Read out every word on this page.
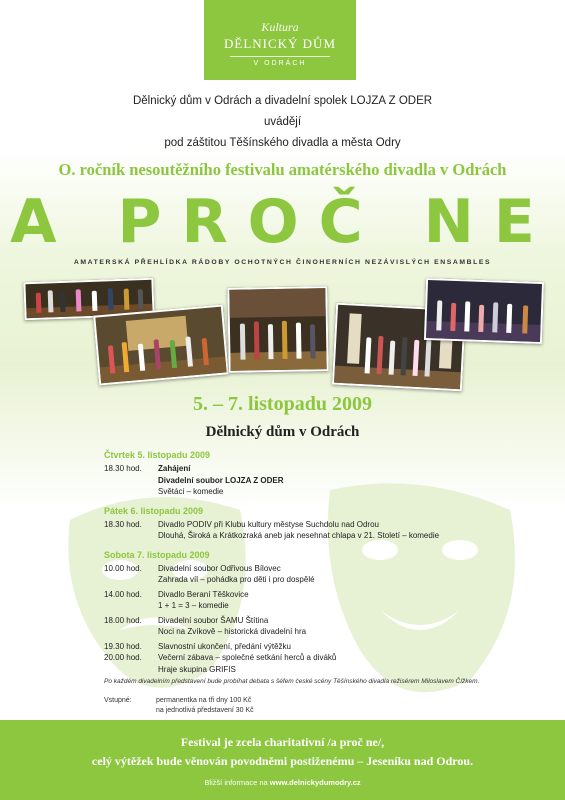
Kultura
DĚLNICKÝ DŮM
V ODRÁCH
Dělnický dům v Odrách a divadelní spolek LOJZA Z ODER
uvádějí
pod záštitou Těšínského divadla a města Odry
O. ročník nesoutěžního festivalu amatérského divadla v Odrách
A PROČ NE
AMATERSKÁ PŘEHLÍDKA RÁDOBY OCHOTNÝCH ČINOHERNÍCH NEZÁVISLÝCH ENSAMBLES
5. – 7. listopadu 2009
Dělnický dům v Odrách
Čtvrtek 5. listopadu 2009
18.30 hod.	Zahájení
Divadelní soubor LOJZA Z ODER
Světáci – komedie
Pátek 6. listopadu 2009
18.30 hod.	Divadlo PODIV při Klubu kultury městyse Suchdolu nad Odrou
Dlouhá, Široká a Krátkozraká aneb jak nesehnat chlapa v 21. Století – komedie
Sobota 7. listopadu 2009
10.00 hod.	Divadelní soubor Odřivous Bílovec
Zahrada víl – pohádka pro děti i pro dospělé
14.00 hod.	Divadlo Beraní Těškovice
1 + 1 = 3 – komedie
18.00 hod.	Divadelní soubor ŠAMU Štítina
Noci na Zvíkově – historická divadelní hra
19.30 hod.	Slavnostní ukončení, předání výtěžku
20.00 hod.	Večerní zábava – společné setkání herců a diváků
Hraje skupina GRIFIS
Po každém divadelním představení bude probíhat debata s šéfem české scény Těšínského divadla režisérem Miloslavem Čížkem.
Vstupné:	permanentka na tři dny 100 Kč
na jednotlivá představení 30 Kč
Festival je zcela charitativní /a proč ne/,
celý výtěžek bude věnován povodněmi postiženému – Jeseníku nad Odrou.
Bližší informace na www.delnickydumodry.cz
